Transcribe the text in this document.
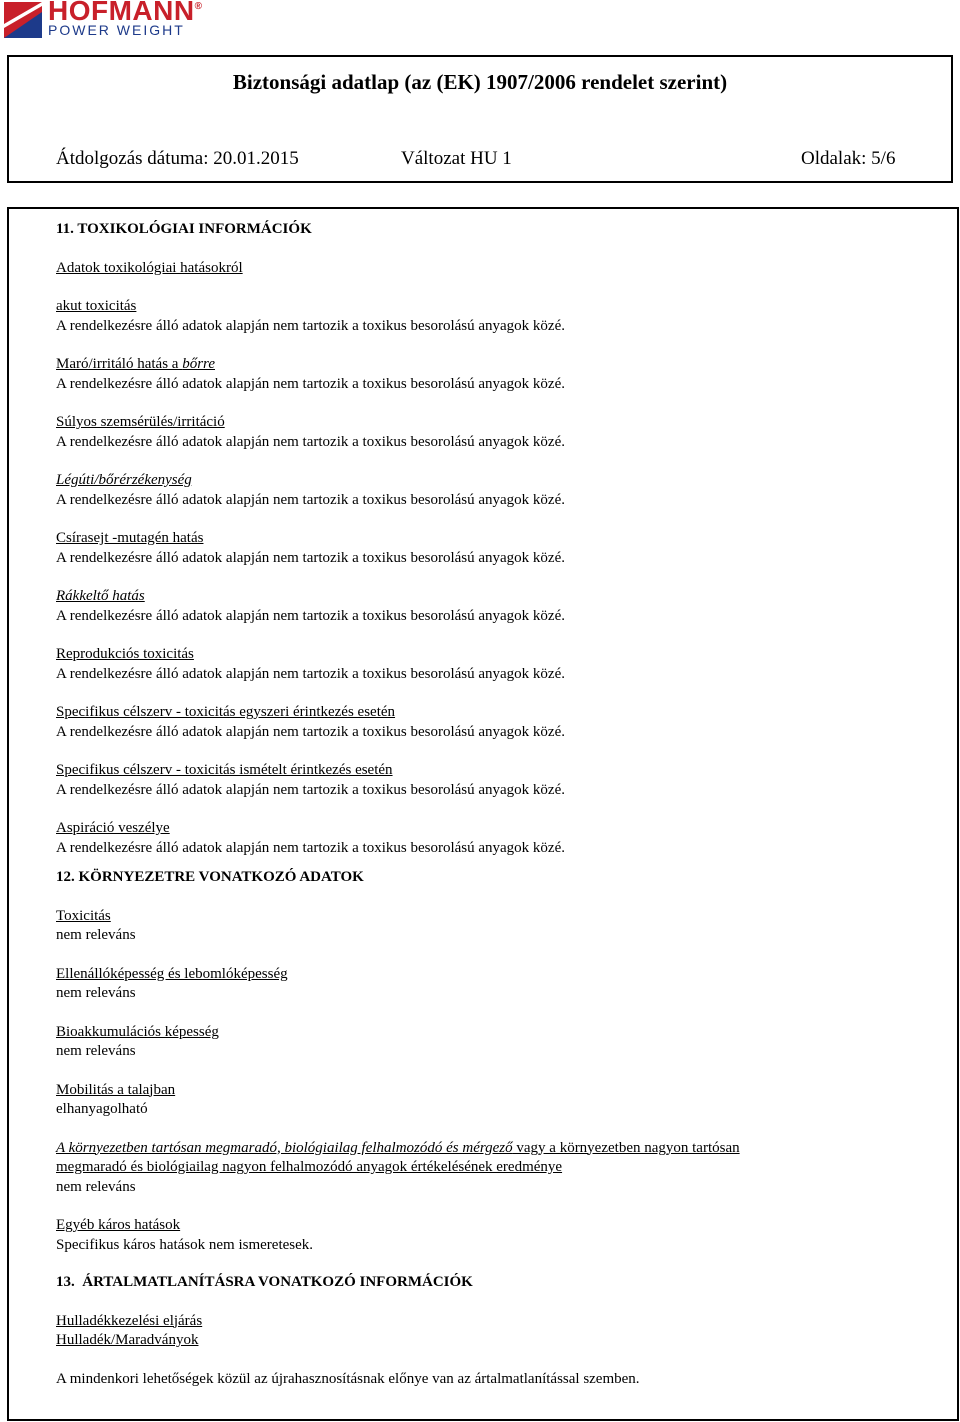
HOFMANN®
POWER WEIGHT
Biztonsági adatlap (az (EK) 1907/2006 rendelet szerint)
Átdolgozás dátuma: 20.01.2015	Változat HU 1	Oldalak: 5/6

11. TOXIKOLÓGIAI INFORMÁCIÓK

Adatok toxikológiai hatásokról

akut toxicitás

A rendelkezésre álló adatok alapján nem tartozik a toxikus besorolású anyagok közé.

Maró/irritáló hatás a bőrre

A rendelkezésre álló adatok alapján nem tartozik a toxikus besorolású anyagok közé.

Súlyos szemsérülés/irritáció

A rendelkezésre álló adatok alapján nem tartozik a toxikus besorolású anyagok közé.

Légúti/bőrérzékenység

A rendelkezésre álló adatok alapján nem tartozik a toxikus besorolású anyagok közé.

Csírasejt -mutagén hatás

A rendelkezésre álló adatok alapján nem tartozik a toxikus besorolású anyagok közé.

Rákkeltő hatás

A rendelkezésre álló adatok alapján nem tartozik a toxikus besorolású anyagok közé.

Reprodukciós toxicitás

A rendelkezésre álló adatok alapján nem tartozik a toxikus besorolású anyagok közé.

Specifikus célszerv - toxicitás egyszeri érintkezés esetén

A rendelkezésre álló adatok alapján nem tartozik a toxikus besorolású anyagok közé.

Specifikus célszerv - toxicitás ismételt érintkezés esetén

A rendelkezésre álló adatok alapján nem tartozik a toxikus besorolású anyagok közé.

Aspiráció veszélye

A rendelkezésre álló adatok alapján nem tartozik a toxikus besorolású anyagok közé.

12. KÖRNYEZETRE VONATKOZÓ ADATOK

Toxicitás

nem releváns

Ellenállóképesség és lebomlóképesség

nem releváns

Bioakkumulációs képesség

nem releváns

Mobilitás a talajban

elhanyagolható

A környezetben tartósan megmaradó, biológiailag felhalmozódó és mérgező vagy a környezetben nagyon tartósan

megmaradó és biológiailag nagyon felhalmozódó anyagok értékelésének eredménye

nem releváns

Egyéb káros hatások

Specifikus káros hatások nem ismeretesek.

13.  ÁRTALMATLANÍTÁSRA VONATKOZÓ INFORMÁCIÓK

Hulladékkezelési eljárás

Hulladék/Maradványok

A mindenkori lehetőségek közül az újrahasznosításnak előnye van az ártalmatlanítással szemben.
